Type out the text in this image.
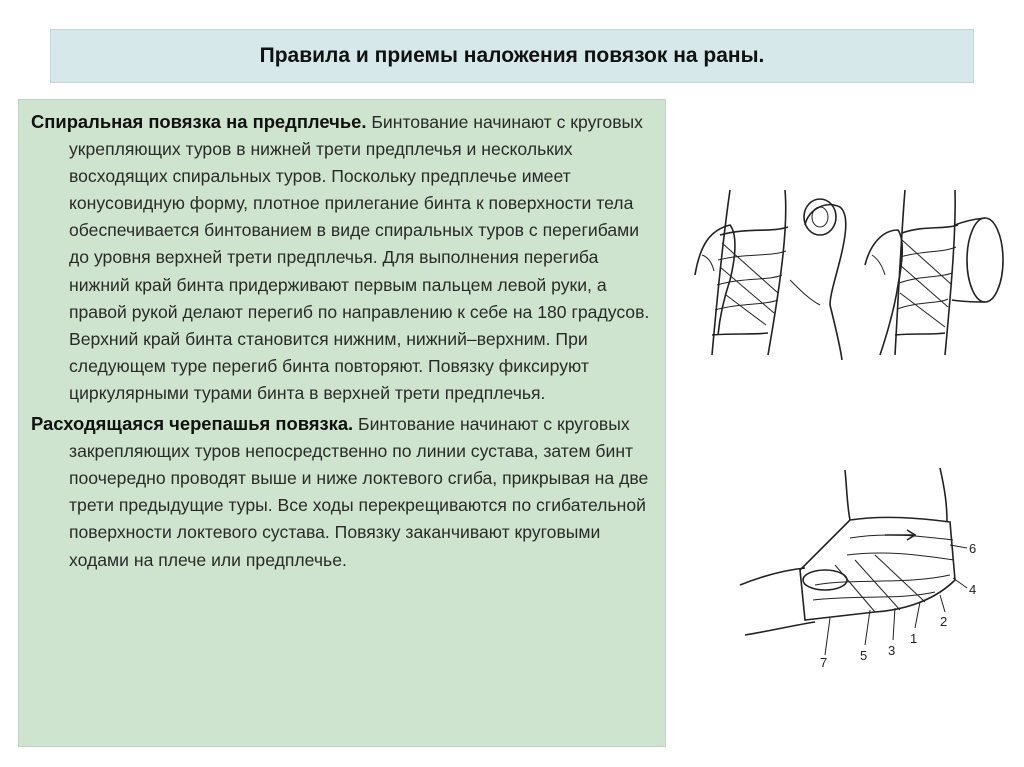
Правила и приемы наложения повязок на раны.

Спиральная повязка на предплечье. Бинтование начинают с круговых укрепляющих туров в нижней трети предплечья и нескольких восходящих спиральных туров. Поскольку предплечье имеет конусовидную форму, плотное прилегание бинта к поверхности тела обеспечивается бинтованием в виде спиральных туров с перегибами до уровня верхней трети предплечья. Для выполнения перегиба нижний край бинта придерживают первым пальцем левой руки, а правой рукой делают перегиб по направлению к себе на 180 градусов. Верхний край бинта становится нижним, нижний–верхним. При следующем туре перегиб бинта повторяют. Повязку фиксируют циркулярными турами бинта в верхней трети предплечья.

Расходящаяся черепашья повязка. Бинтование начинают с круговых закрепляющих туров непосредственно по линии сустава, затем бинт поочередно проводят выше и ниже локтевого сгиба, прикрывая на две трети предыдущие туры. Все ходы перекрещиваются по сгибательной поверхности локтевого сустава. Повязку заканчивают круговыми ходами на плече или предплечье.

6
4
2
1
3
5
7
